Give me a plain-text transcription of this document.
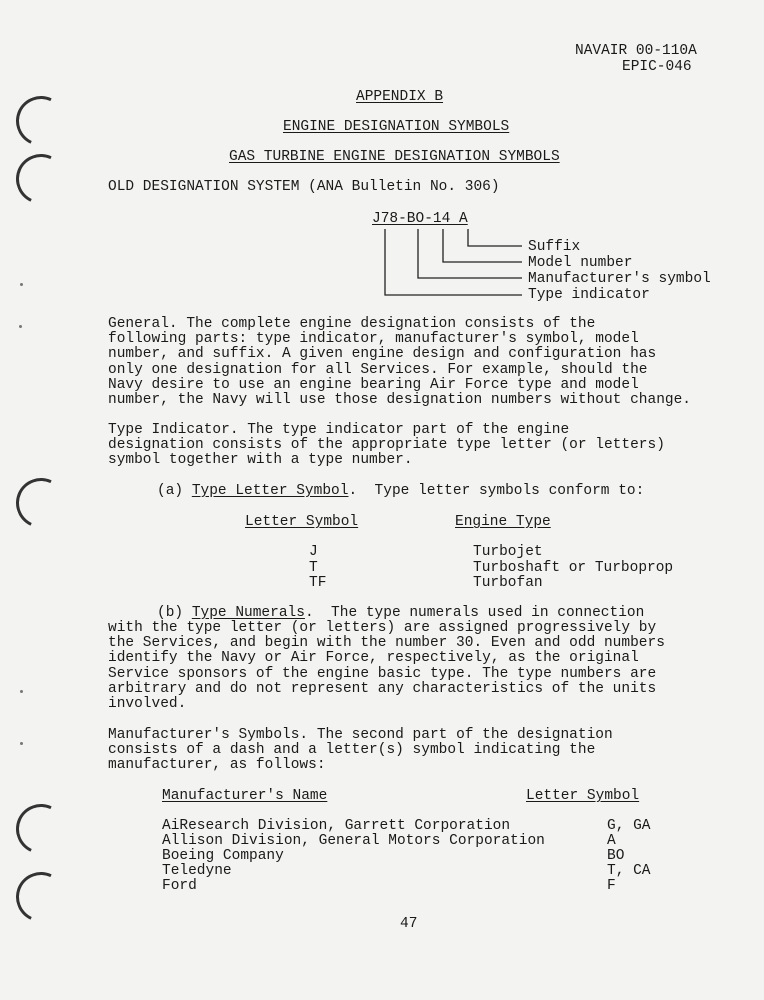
NAVAIR 00-110A
EPIC-046
APPENDIX B
ENGINE DESIGNATION SYMBOLS
GAS TURBINE ENGINE DESIGNATION SYMBOLS
OLD DESIGNATION SYSTEM (ANA Bulletin No. 306)
J78-BO-14 A
Suffix
Model number
Manufacturer's symbol
Type indicator
General. The complete engine designation consists of the
following parts: type indicator, manufacturer's symbol, model
number, and suffix. A given engine design and configuration has
only one designation for all Services. For example, should the
Navy desire to use an engine bearing Air Force type and model
number, the Navy will use those designation numbers without change.
Type Indicator. The type indicator part of the engine
designation consists of the appropriate type letter (or letters)
symbol together with a type number.
(a) Type Letter Symbol.  Type letter symbols conform to:
Letter Symbol	Engine Type
J	Turbojet
T	Turboshaft or Turboprop
TF	Turbofan
(b) Type Numerals.  The type numerals used in connection
with the type letter (or letters) are assigned progressively by
the Services, and begin with the number 30. Even and odd numbers
identify the Navy or Air Force, respectively, as the original
Service sponsors of the engine basic type. The type numbers are
arbitrary and do not represent any characteristics of the units
involved.
Manufacturer's Symbols. The second part of the designation
consists of a dash and a letter(s) symbol indicating the
manufacturer, as follows:
Manufacturer's Name	Letter Symbol
AiResearch Division, Garrett Corporation	G, GA
Allison Division, General Motors Corporation	A
Boeing Company	BO
Teledyne	T, CA
Ford	F
47
